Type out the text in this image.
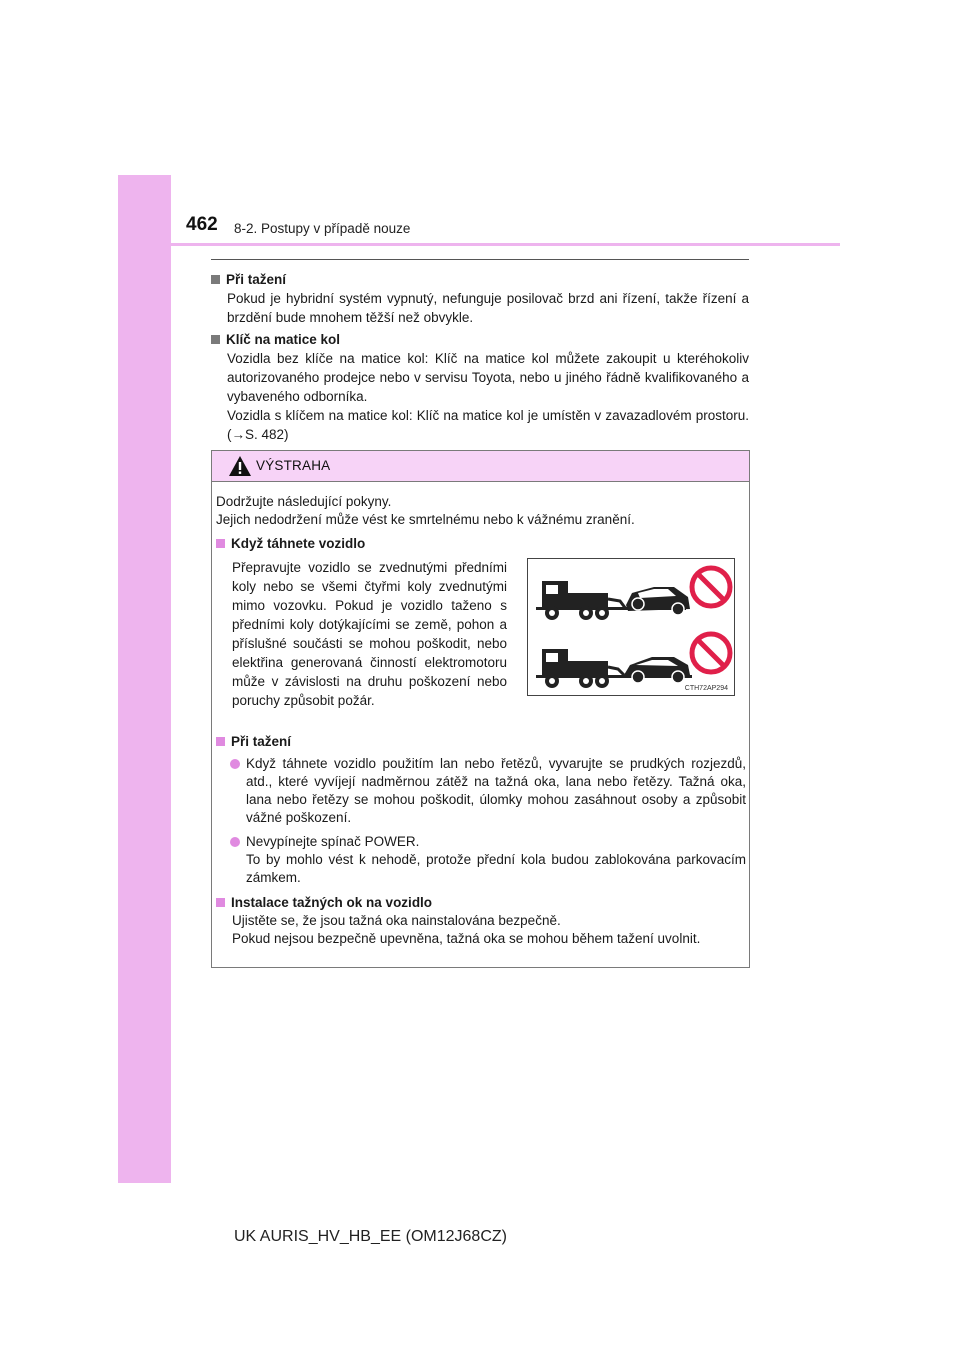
462 8-2. Postupy v případě nouze
Při tažení
Pokud je hybridní systém vypnutý, nefunguje posilovač brzd ani řízení, takže řízení a brzdění bude mnohem těžší než obvykle.
Klíč na matice kol
Vozidla bez klíče na matice kol: Klíč na matice kol můžete zakoupit u kteréhokoliv autorizovaného prodejce nebo v servisu Toyota, nebo u jiného řádně kvalifikovaného a vybaveného odborníka.
Vozidla s klíčem na matice kol: Klíč na matice kol je umístěn v zavazadlovém prostoru. (→S. 482)
VÝSTRAHA
Dodržujte následující pokyny.
Jejich nedodržení může vést ke smrtelnému nebo k vážnému zranění.
Když táhnete vozidlo
Přepravujte vozidlo se zvednutými předními koly nebo se všemi čtyřmi koly zvednutými mimo vozovku. Pokud je vozidlo taženo s předními koly dotýkajícími se země, pohon a příslušné součásti se mohou poškodit, nebo elektřina generovaná činností elektromotoru může v závislosti na druhu poškození nebo poruchy způsobit požár.
CTH72AP294
Při tažení
Když táhnete vozidlo použitím lan nebo řetězů, vyvarujte se prudkých rozjezdů, atd., které vyvíjejí nadměrnou zátěž na tažná oka, lana nebo řetězy. Tažná oka, lana nebo řetězy se mohou poškodit, úlomky mohou zasáhnout osoby a způsobit vážné poškození.
Nevypínejte spínač POWER.
To by mohlo vést k nehodě, protože přední kola budou zablokována parkovacím zámkem.
Instalace tažných ok na vozidlo
Ujistěte se, že jsou tažná oka nainstalována bezpečně.
Pokud nejsou bezpečně upevněna, tažná oka se mohou během tažení uvolnit.
UK AURIS_HV_HB_EE (OM12J68CZ)
